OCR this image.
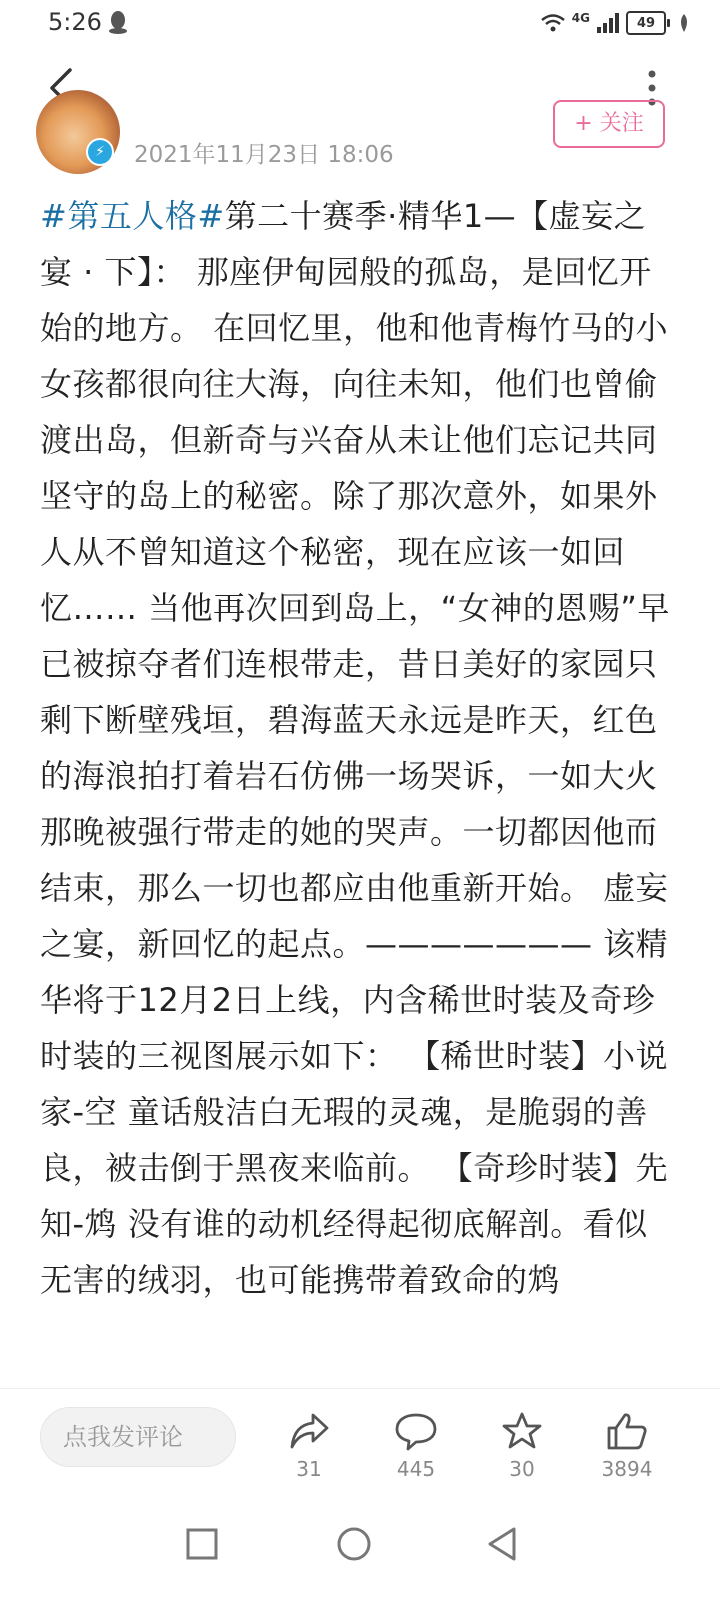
5:26	4G	49
⚡	2021年11月23日 18:06
+ 关注
#第五人格#第二十赛季·精华1—【虚妄之宴 · 下】： 那座伊甸园般的孤岛，是回忆开始的地方。 在回忆里，他和他青梅竹马的小女孩都很向往大海，向往未知，他们也曾偷渡出岛，但新奇与兴奋从未让他们忘记共同坚守的岛上的秘密。除了那次意外，如果外人从不曾知道这个秘密，现在应该一如回忆…… 当他再次回到岛上，“女神的恩赐”早已被掠夺者们连根带走，昔日美好的家园只剩下断壁残垣，碧海蓝天永远是昨天，红色的海浪拍打着岩石仿佛一场哭诉，一如大火那晚被强行带走的她的哭声。一切都因他而结束，那么一切也都应由他重新开始。 虚妄之宴，新回忆的起点。——————— 该精华将于12月2日上线，内含稀世时装及奇珍时装的三视图展示如下： 【稀世时装】小说家-空 童话般洁白无瑕的灵魂，是脆弱的善良，被击倒于黑夜来临前。 【奇珍时装】先知-鸩 没有谁的动机经得起彻底解剖。看似无害的绒羽，也可能携带着致命的鸩
点我发评论
31	445	30	3894
